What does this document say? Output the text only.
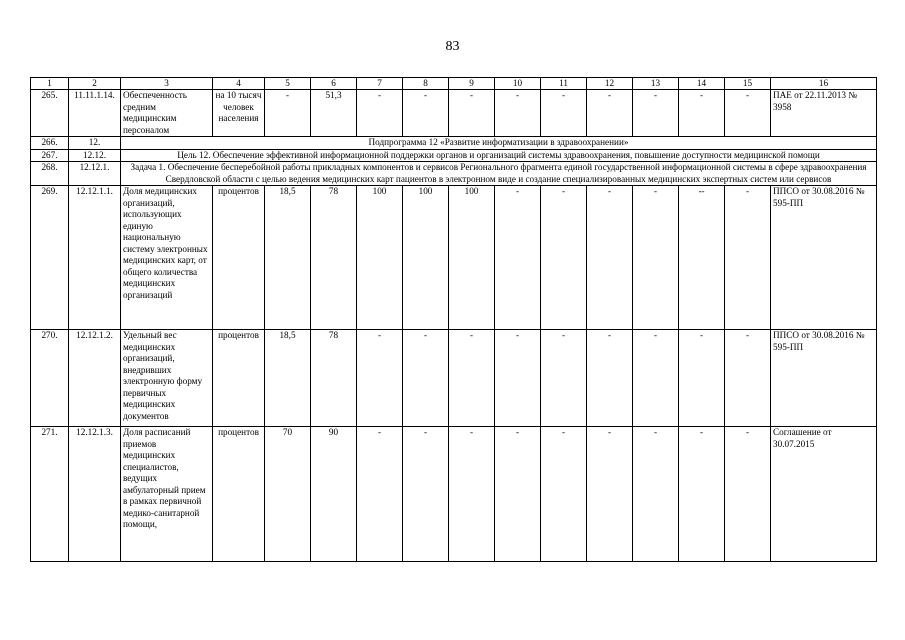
83
1	2	3	4	5	6	7	8	9	10	11	12	13	14	15	16
265.	11.11.1.14.	Обеспеченность средним медицинским персоналом	на 10 тысяч человек населения	-	51,3	-	-	-	-	-	-	-	-	-	ПАЕ от 22.11.2013 № 3958
266.	12.	Подпрограмма 12 «Развитие информатизации в здравоохранении»													
267.	12.12.	Цель 12. Обеспечение эффективной информационной поддержки органов и организаций системы здравоохранения, повышение доступности медицинской помощи													
268.	12.12.1.	Задача 1. Обеспечение бесперебойной работы прикладных компонентов и сервисов Регионального фрагмента единой государственной информационной системы в сфере здравоохранения Свердловской области с целью ведения медицинских карт пациентов в электронном виде и создание специализированных медицинских экспертных систем или сервисов													
269.	12.12.1.1.	Доля медицинских организаций, использующих единую национальную систему электронных медицинских карт, от общего количества медицинских организаций	процентов	18,5	78	100	100	100	-	-	-	-	--	-	ППСО от 30.08.2016 № 595-ПП
270.	12.12.1.2.	Удельный вес медицинских организаций, внедривших электронную форму первичных медицинских документов	процентов	18,5	78	-	-	-	-	-	-	-	-	-	ППСО от 30.08.2016 № 595-ПП
271.	12.12.1.3.	Доля расписаний приемов медицинских специалистов, ведущих амбулаторный прием в рамках первичной медико-санитарной помощи,	процентов	70	90	-	-	-	-	-	-	-	-	-	Соглашение от 30.07.2015
